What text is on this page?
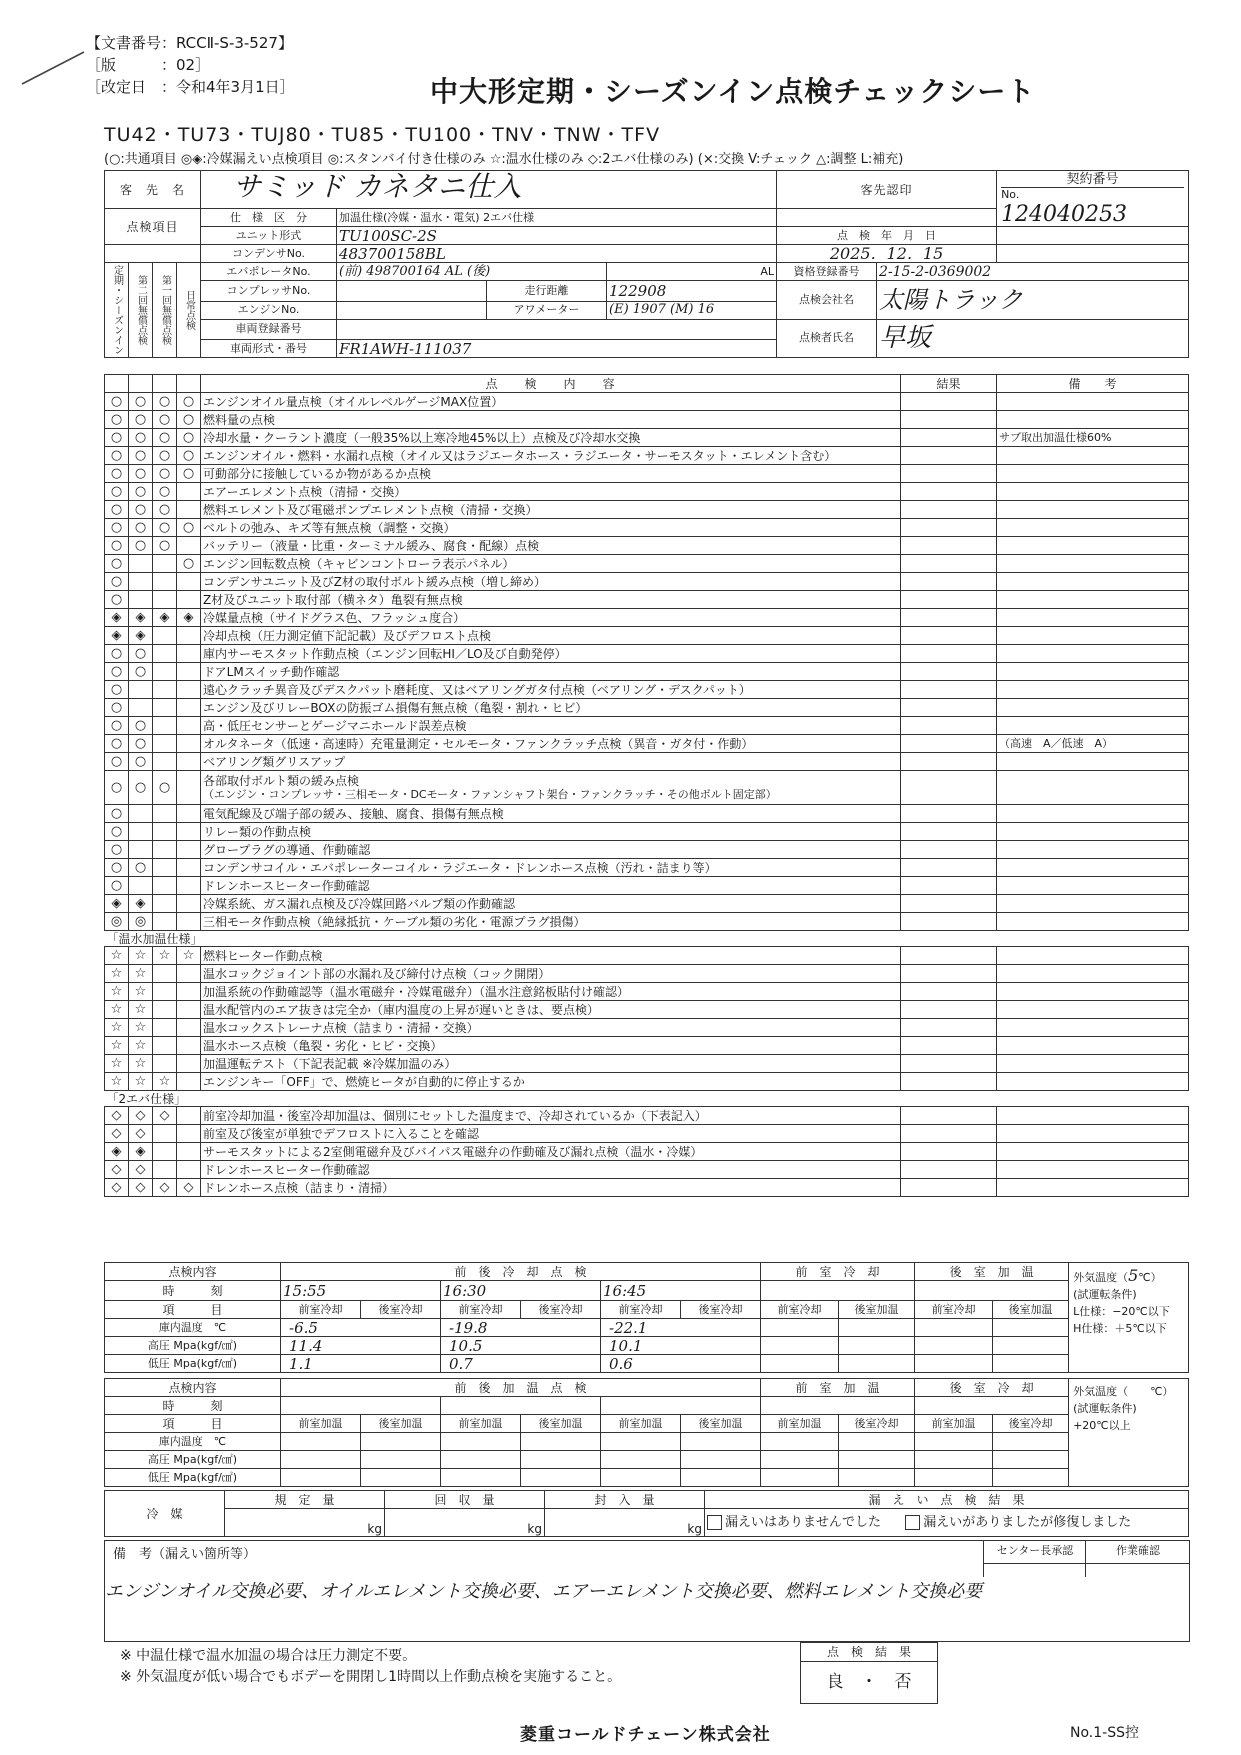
【文書番号：RCCⅡ-S-3-527】
［版　　　：02］
［改定日　：令和4年3月1日］	中大形定期・シーズンイン点検チェックシート
TU42・TU73・TUJ80・TU85・TU100・TNV・TNW・TFV
(○:共通項目 ◎◈:冷媒漏えい点検項目 ◎:スタンバイ付き仕様のみ ☆:温水仕様のみ ◇:2エバ仕様のみ) (×:交換 V:チェック △:調整 L:補充)
客　先　名				サミッド カネタニ仕入				客先認印		契約番号
No.
124040253

点検項目				仕　様　区　分	加温仕様(冷媒・温水・電気) 2エバ仕様					
				ユニット形式	TU100SC-2S			点　検　年　月　日		
				コンデンサNo.	483700158BL			2025．12．15		
定期・シーズンイン	第二回無償点検	第一回無償点検	日常点検	エバポレータNo.	(前) 498700164 AL (後)		AL	資格登録番号	2-15-2-0369002	
				コンプレッサNo.		走行距離	122908	点検会社名	太陽トラック	
				エンジンNo.		アワメーター	(E) 1907 (M) 16			
				車両登録番号				点検者氏名	早坂	
				車両形式・番号	FR1AWH-111037					
				点　　検　　内　　容	結果	備　　考
○	○	○	○	エンジンオイル量点検（オイルレベルゲージMAX位置）		

○	○	○	○	燃料量の点検		

○	○	○	○	冷却水量・クーラント濃度（一般35%以上寒冷地45%以上）点検及び冷却水交換		サブ取出加温仕様60%
○	○	○	○	エンジンオイル・燃料・水漏れ点検（オイル又はラジエータホース・ラジエータ・サーモスタット・エレメント含む）		

○	○	○	○	可動部分に接触しているか物があるか点検		

○	○	○		エアーエレメント点検（清掃・交換）		

○	○	○		燃料エレメント及び電磁ポンプエレメント点検（清掃・交換）		

○	○	○	○	ベルトの弛み、キズ等有無点検（調整・交換）		

○	○	○		バッテリー（液量・比重・ターミナル緩み、腐食・配線）点検		

○			○	エンジン回転数点検（キャビンコントローラ表示パネル）		

○				コンデンサユニット及びZ材の取付ボルト緩み点検（増し締め）		

○				Z材及びユニット取付部（横ネタ）亀裂有無点検		

◈	◈	◈	◈	冷媒量点検（サイドグラス色、フラッシュ度合）		

◈	◈			冷却点検（圧力測定値下記記載）及びデフロスト点検		

○	○			庫内サーモスタット作動点検（エンジン回転HI／LO及び自動発停）		

○	○			ドアLMスイッチ動作確認		

○				遠心クラッチ異音及びデスクパット磨耗度、又はベアリングガタ付点検（ベアリング・デスクパット）		

○				エンジン及びリレーBOXの防振ゴム損傷有無点検（亀裂・割れ・ヒビ）		

○	○			高・低圧センサーとゲージマニホールド誤差点検		

○	○			オルタネータ（低速・高速時）充電量測定・セルモータ・ファンクラッチ点検（異音・ガタ付・作動）		（高速　A／低速　A）
○	○			ベアリング類グリスアップ		

○	○	○		各部取付ボルト類の緩み点検
（エンジン・コンプレッサ・三相モータ・DCモータ・ファンシャフト架台・ファンクラッチ・その他ボルト固定部）		

○				電気配線及び端子部の緩み、接触、腐食、損傷有無点検		

○				リレー類の作動点検		

○				グロープラグの導通、作動確認		

○	○			コンデンサコイル・エバポレーターコイル・ラジエータ・ドレンホース点検（汚れ・詰まり等）		

○				ドレンホースヒーター作動確認		

◈	◈			冷媒系統、ガス漏れ点検及び冷媒回路バルブ類の作動確認		

◎	◎			三相モータ作動点検（絶縁抵抗・ケーブル類の劣化・電源プラグ損傷）		

「温水加温仕様」						
☆	☆	☆	☆	燃料ヒーター作動点検		

☆	☆			温水コックジョイント部の水漏れ及び締付け点検（コック開閉）		

☆	☆			加温系統の作動確認等（温水電磁弁・冷媒電磁弁）（温水注意銘板貼付け確認）		

☆	☆			温水配管内のエア抜きは完全か（庫内温度の上昇が遅いときは、要点検）		

☆	☆			温水コックストレーナ点検（詰まり・清掃・交換）		

☆	☆			温水ホース点検（亀裂・劣化・ヒビ・交換）		

☆	☆			加温運転テスト（下記表記載 ※冷媒加温のみ）		

☆	☆	☆		エンジンキー「OFF」で、燃焼ヒータが自動的に停止するか		

「2エバ仕様」						
◇	◇	◇		前室冷却加温・後室冷却加温は、個別にセットした温度まで、冷却されているか（下表記入）		

◇	◇			前室及び後室が単独でデフロストに入ることを確認		

◈	◈			サーモスタットによる2室側電磁弁及びバイパス電磁弁の作動確及び漏れ点検（温水・冷媒）		

◇	◇			ドレンホースヒーター作動確認		

◇	◇	◇	◇	ドレンホース点検（詰まり・清掃）		

点検内容	前　後　冷　却　点　検						前　室　冷　却		後　室　加　温		外気温度（5℃）
(試運転条件)
L仕様：−20℃以下
H仕様：＋5℃以下

時　　　刻	15:55		16:30		16:45						
項　　　目	前室冷却	後室冷却	前室冷却	後室冷却	前室冷却	後室冷却	前室冷却	後室加温	前室冷却	後室加温	
庫内温度　℃	-6.5		-19.8		-22.1						
高圧 Mpa(kgf/㎠)	11.4		10.5		10.1						
低圧 Mpa(kgf/㎠)	1.1		0.7		0.6						
点検内容	前　後　加　温　点　検						前　室　加　温		後　室　冷　却		外気温度（　　℃）
(試運転条件)
+20℃以上

時　　　刻											
項　　　目	前室加温	後室加温	前室加温	後室加温	前室加温	後室加温	前室加温	後室冷却	前室加温	後室冷却	
庫内温度　℃											
高圧 Mpa(kgf/㎠)											
低圧 Mpa(kgf/㎠)											
冷　媒	規　定　量	回　収　量	封　入　量	漏　え　い　点　検　結　果
	kg	kg	kg	漏えいはありませんでした 漏えいがありましたが修復しました
備　考（漏えい箇所等）
エンジンオイル交換必要、オイルエレメント交換必要、エアーエレメント交換必要、燃料エレメント交換必要
センター長承認	作業確認
※ 中温仕様で温水加温の場合は圧力測定不要。
※ 外気温度が低い場合でもボデーを開閉し1時間以上作動点検を実施すること。
点　検　結　果
良　・　否
菱重コールドチェーン株式会社	No.1-SS控
